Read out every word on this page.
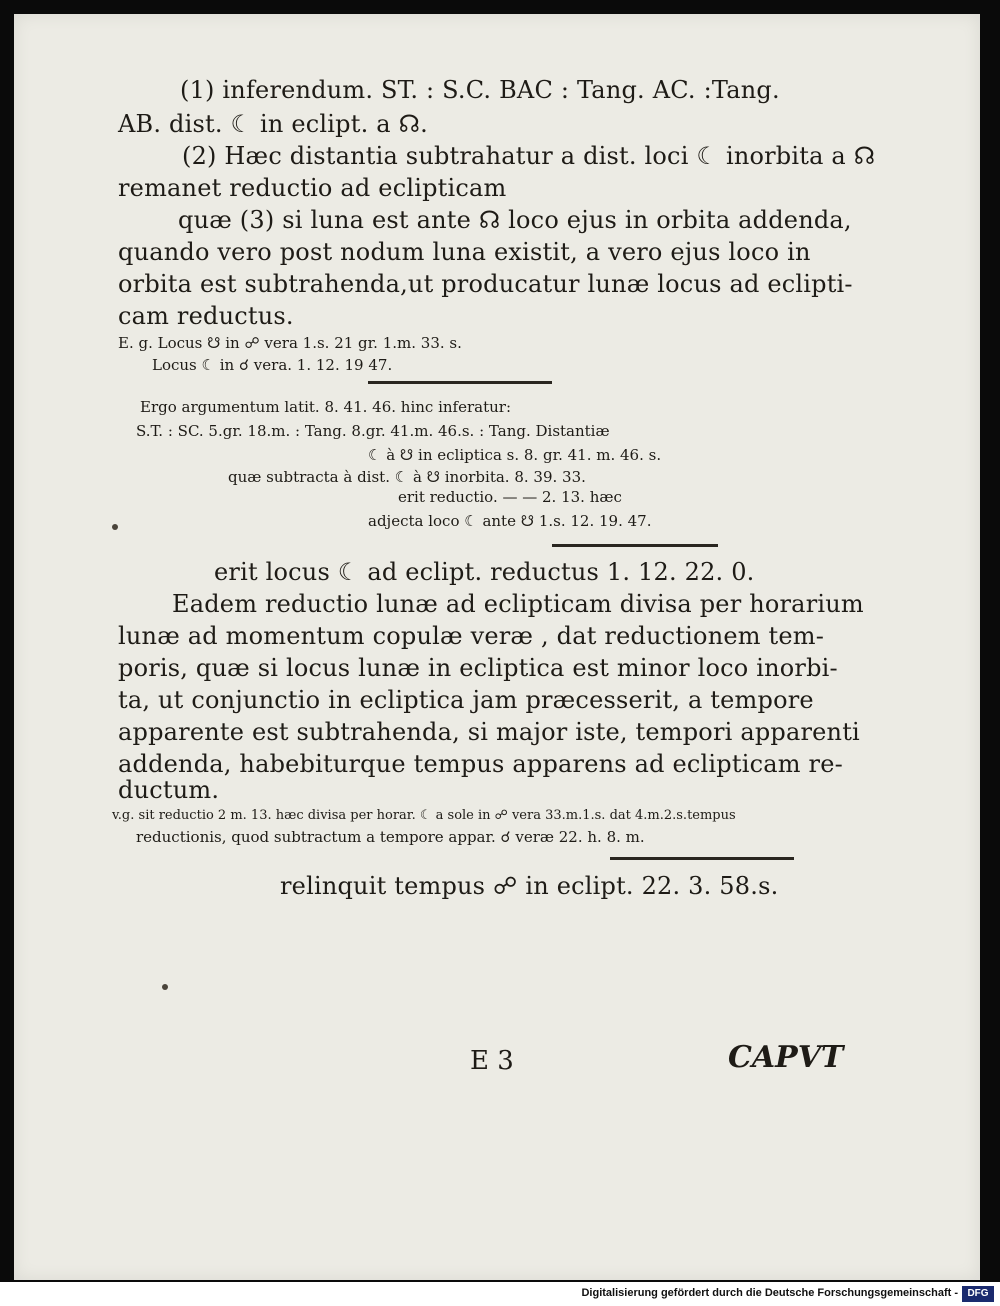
(1) inferendum. ST. : S.C. BAC : Tang. AC. :Tang.
AB. dist. ☾ in eclipt. a ☊.
(2) Hæc distantia subtrahatur a dist. loci ☾ inorbita a ☊
remanet reductio ad eclipticam
quæ (3) si luna est ante ☊ loco ejus in orbita addenda,
quando vero post nodum luna existit, a vero ejus loco in
orbita est subtrahenda,ut producatur lunæ locus ad eclipti-
cam reductus.
E. g. Locus ☋ in ☍ vera 1.s. 21 gr. 1.m. 33. s.
Locus ☾ in ☌ vera. 1. 12. 19 47.
Ergo argumentum latit. 8. 41. 46. hinc inferatur:
S.T. : SC. 5.gr. 18.m. : Tang. 8.gr. 41.m. 46.s. : Tang. Distantiæ
☾ à ☋ in ecliptica s. 8. gr. 41. m. 46. s.
quæ subtracta à dist. ☾ à ☋ inorbita. 8. 39. 33.
erit reductio. — — 2. 13. hæc
adjecta loco ☾ ante ☋ 1.s. 12. 19. 47.
erit locus ☾ ad eclipt. reductus 1. 12. 22. 0.
Eadem reductio lunæ ad eclipticam divisa per horarium
lunæ ad momentum copulæ veræ , dat reductionem tem-
poris, quæ si locus lunæ in ecliptica est minor loco inorbi-
ta, ut conjunctio in ecliptica jam præcesserit, a tempore
apparente est subtrahenda, si major iste, tempori apparenti
addenda, habebiturque tempus apparens ad eclipticam re-
ductum.
v.g. sit reductio 2 m. 13. hæc divisa per horar. ☾ a sole in ☍ vera 33.m.1.s. dat 4.m.2.s.tempus
reductionis, quod subtractum a tempore appar. ☌ veræ 22. h. 8. m.
relinquit tempus ☍ in eclipt. 22. 3. 58.s.
E 3	CAPVT
Digitalisierung gefördert durch die Deutsche Forschungsgemeinschaft - DFG
